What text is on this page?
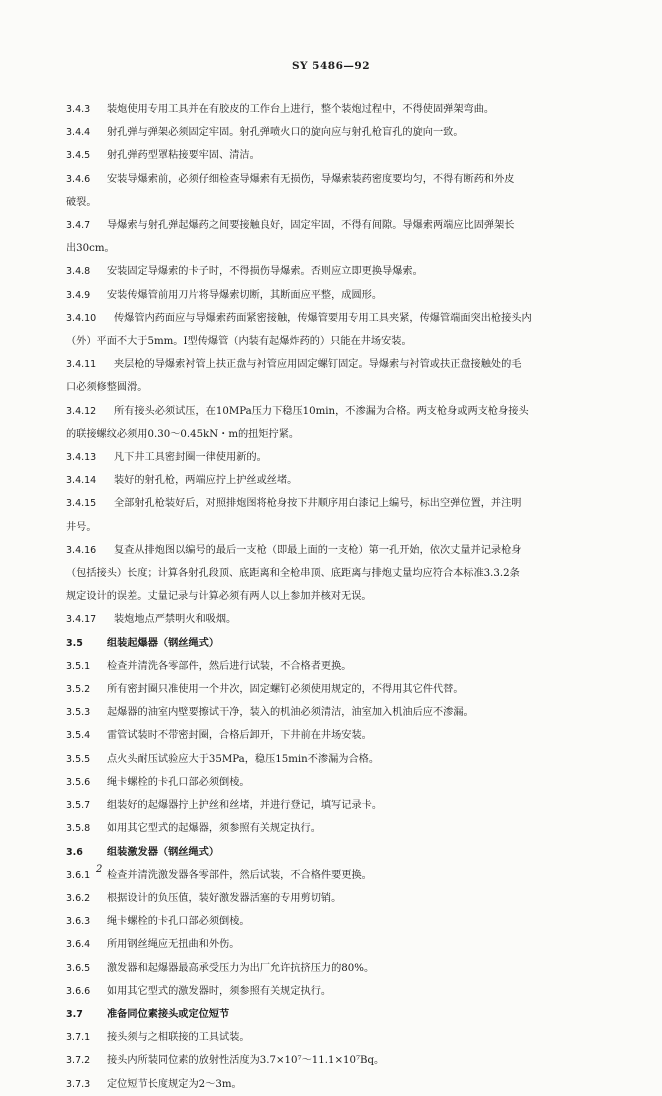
SY 5486—92
3.4.3 装炮使用专用工具并在有胶皮的工作台上进行，整个装炮过程中，不得使固弹架弯曲。
3.4.4 射孔弹与弹架必须固定牢固。射孔弹喷火口的旋向应与射孔枪盲孔的旋向一致。
3.4.5 射孔弹药型罩粘接要牢固、清洁。
3.4.6 安装导爆索前，必须仔细检查导爆索有无损伤，导爆索装药密度要均匀，不得有断药和外皮
破裂。
3.4.7 导爆索与射孔弹起爆药之间要接触良好，固定牢固，不得有间隙。导爆索两端应比固弹架长
出30cm。
3.4.8 安装固定导爆索的卡子时，不得损伤导爆索。否则应立即更换导爆索。
3.4.9 安装传爆管前用刀片将导爆索切断，其断面应平整，成圆形。
3.4.10 传爆管内药面应与导爆索药面紧密接触，传爆管要用专用工具夹紧，传爆管端面突出枪接头内
（外）平面不大于5mm。Ⅰ型传爆管（内装有起爆炸药的）只能在井场安装。
3.4.11 夹层枪的导爆索衬管上扶正盘与衬管应用固定螺钉固定。导爆索与衬管或扶正盘接触处的毛
口必须修整圆滑。
3.4.12 所有接头必须试压，在10MPa压力下稳压10min，不渗漏为合格。两支枪身或两支枪身接头
的联接螺纹必须用0.30～0.45kN・m的扭矩拧紧。
3.4.13 凡下井工具密封圈一律使用新的。
3.4.14 装好的射孔枪，两端应拧上护丝或丝堵。
3.4.15 全部射孔枪装好后，对照排炮图将枪身按下井顺序用白漆记上编号，标出空弹位置，并注明
井号。
3.4.16 复查从排炮图以编号的最后一支枪（即最上面的一支枪）第一孔开始，依次丈量并记录枪身
（包括接头）长度；计算各射孔段顶、底距离和全枪串顶、底距离与排炮丈量均应符合本标准3.3.2条
规定设计的误差。丈量记录与计算必须有两人以上参加并核对无误。
3.4.17 装炮地点严禁明火和吸烟。
3.5 组装起爆器（钢丝绳式）
3.5.1 检查并清洗各零部件，然后进行试装，不合格者更换。
3.5.2 所有密封圈只准使用一个井次，固定螺钉必须使用规定的，不得用其它件代替。
3.5.3 起爆器的油室内壁要擦试干净，装入的机油必须清洁，油室加入机油后应不渗漏。
3.5.4 雷管试装时不带密封圈，合格后卸开，下井前在井场安装。
3.5.5 点火头耐压试验应大于35MPa，稳压15min不渗漏为合格。
3.5.6 绳卡螺栓的卡孔口部必须倒棱。
3.5.7 组装好的起爆器拧上护丝和丝堵，并进行登记，填写记录卡。
3.5.8 如用其它型式的起爆器，须参照有关规定执行。
3.6 组装激发器（钢丝绳式）
3.6.1 检查并清洗激发器各零部件，然后试装，不合格件要更换。
3.6.2 根据设计的负压值，装好激发器活塞的专用剪切销。
3.6.3 绳卡螺栓的卡孔口部必须倒棱。
3.6.4 所用钢丝绳应无扭曲和外伤。
3.6.5 激发器和起爆器最高承受压力为出厂允许抗挤压力的80%。
3.6.6 如用其它型式的激发器时，须参照有关规定执行。
3.7 准备同位素接头或定位短节
3.7.1 接头须与之相联接的工具试装。
3.7.2 接头内所装同位素的放射性活度为3.7×10⁷～11.1×10⁷Bq。
3.7.3 定位短节长度规定为2～3m。
2
